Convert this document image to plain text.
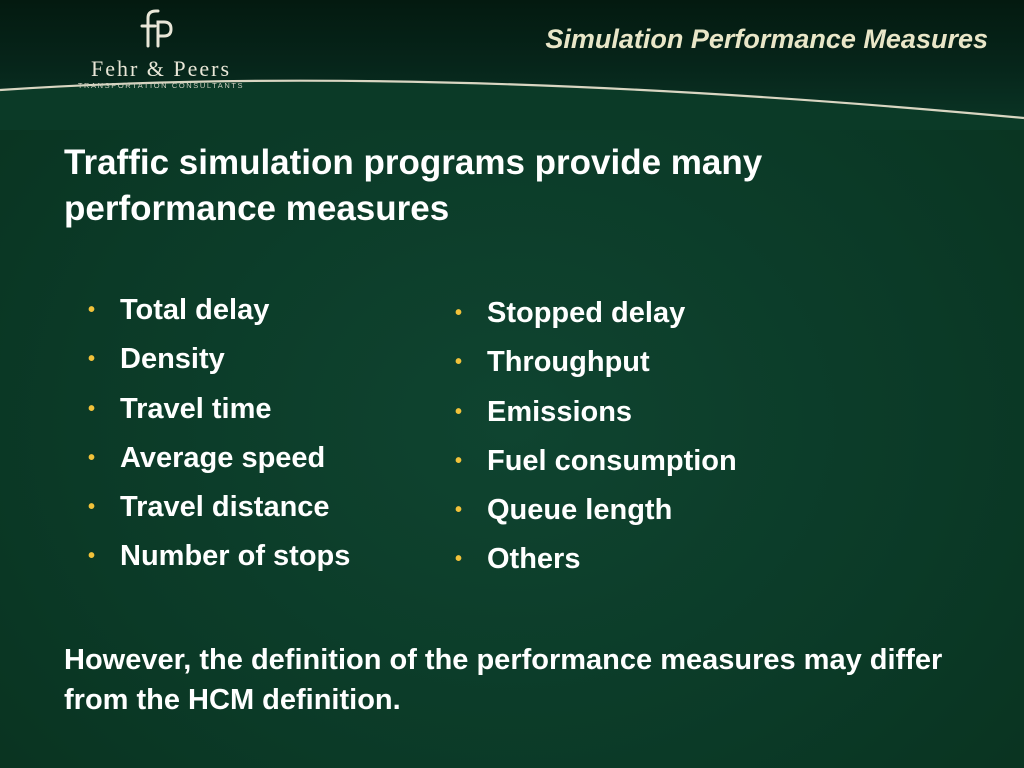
Fehr & Peers
TRANSPORTATION CONSULTANTS
Simulation Performance Measures
Traffic simulation programs provide many performance measures
• Total delay
• Density
• Travel time
• Average speed
• Travel distance
• Number of stops
• Stopped delay
• Throughput
• Emissions
• Fuel consumption
• Queue length
• Others
However, the definition of the performance measures may differ from the HCM definition.
